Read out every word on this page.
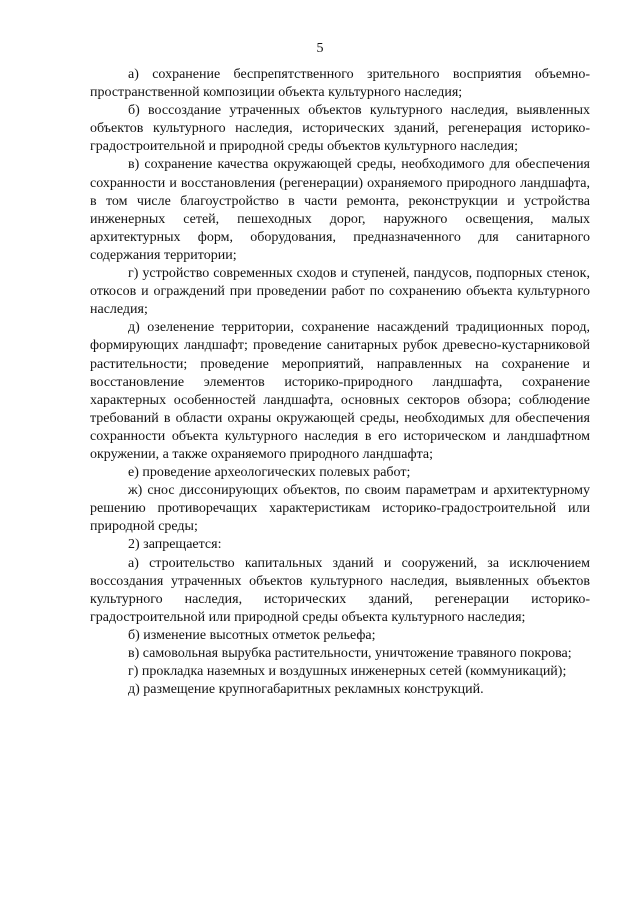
5

а) сохранение беспрепятственного зрительного восприятия объемно-пространственной композиции объекта культурного наследия;

б) воссоздание утраченных объектов культурного наследия, выявленных объектов культурного наследия, исторических зданий, регенерация историко-градостроительной и природной среды объектов культурного наследия;

в) сохранение качества окружающей среды, необходимого для обеспечения сохранности и восстановления (регенерации) охраняемого природного ландшафта, в том числе благоустройство в части ремонта, реконструкции и устройства инженерных сетей, пешеходных дорог, наружного освещения, малых архитектурных форм, оборудования, предназначенного для санитарного содержания территории;

г) устройство современных сходов и ступеней, пандусов, подпорных стенок, откосов и ограждений при проведении работ по сохранению объекта культурного наследия;

д) озеленение территории, сохранение насаждений традиционных пород, формирующих ландшафт; проведение санитарных рубок древесно-кустарниковой растительности; проведение мероприятий, направленных на сохранение и восстановление элементов историко-природного ландшафта, сохранение характерных особенностей ландшафта, основных секторов обзора; соблюдение требований в области охраны окружающей среды, необходимых для обеспечения сохранности объекта культурного наследия в его историческом и ландшафтном окружении, а также охраняемого природного ландшафта;

е) проведение археологических полевых работ;

ж) снос диссонирующих объектов, по своим параметрам и архитектурному решению противоречащих характеристикам историко-градостроительной или природной среды;

2) запрещается:

а) строительство капитальных зданий и сооружений, за исключением воссоздания утраченных объектов культурного наследия, выявленных объектов культурного наследия, исторических зданий, регенерации историко-градостроительной или природной среды объекта культурного наследия;

б) изменение высотных отметок рельефа;

в) самовольная вырубка растительности, уничтожение травяного покрова;

г) прокладка наземных и воздушных инженерных сетей (коммуникаций);

д) размещение крупногабаритных рекламных конструкций.
